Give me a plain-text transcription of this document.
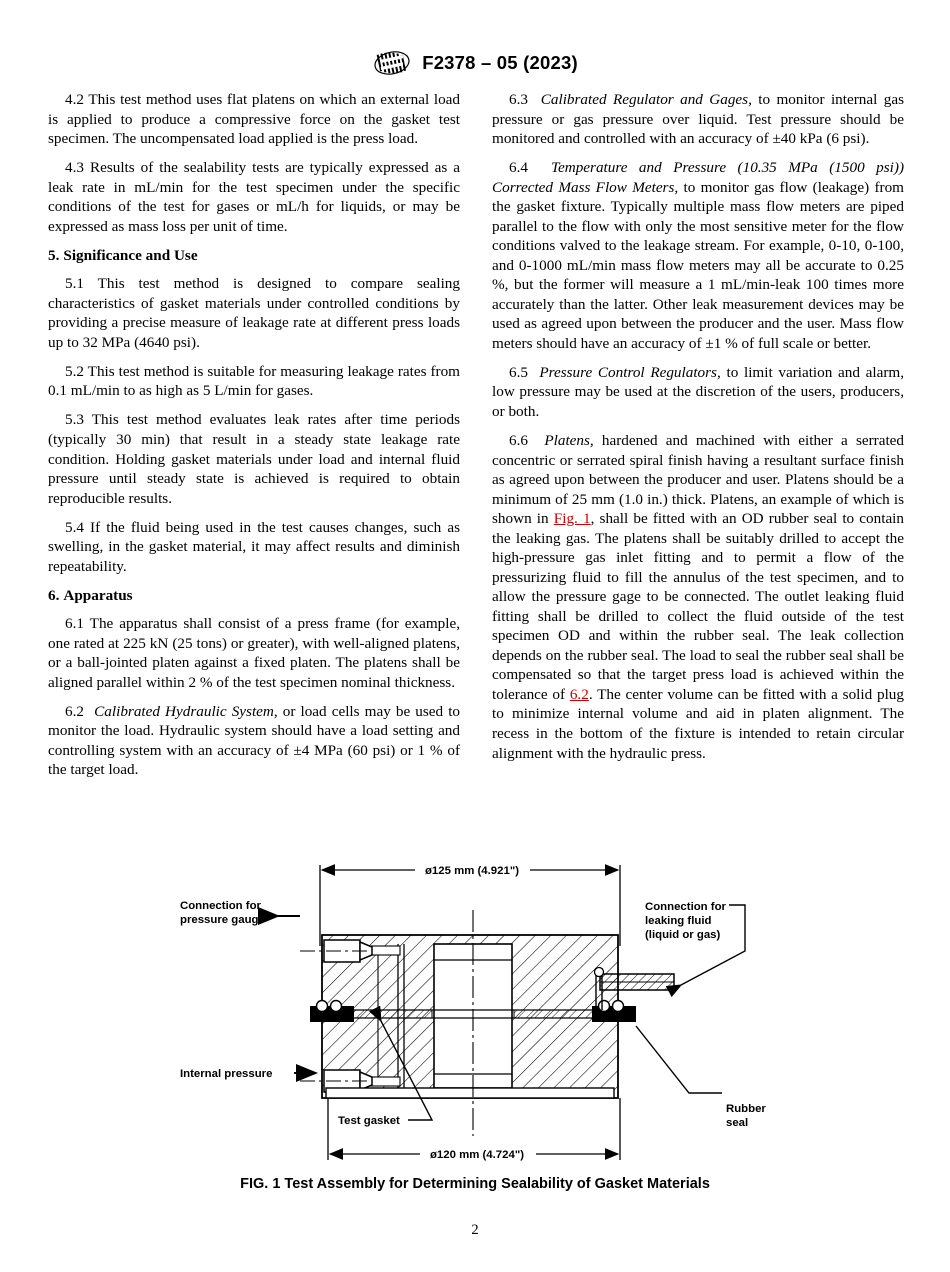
F2378 – 05 (2023)

4.2 This test method uses flat platens on which an external load is applied to produce a compressive force on the gasket test specimen. The uncompensated load applied is the press load.

4.3 Results of the sealability tests are typically expressed as a leak rate in mL/min for the test specimen under the specific conditions of the test for gases or mL/h for liquids, or may be expressed as mass loss per unit of time.

5. Significance and Use

5.1 This test method is designed to compare sealing characteristics of gasket materials under controlled conditions by providing a precise measure of leakage rate at different press loads up to 32 MPa (4640 psi).

5.2 This test method is suitable for measuring leakage rates from 0.1 mL/min to as high as 5 L/min for gases.

5.3 This test method evaluates leak rates after time periods (typically 30 min) that result in a steady state leakage rate condition. Holding gasket materials under load and internal fluid pressure until steady state is achieved is required to obtain reproducible results.

5.4 If the fluid being used in the test causes changes, such as swelling, in the gasket material, it may affect results and diminish repeatability.

6. Apparatus

6.1 The apparatus shall consist of a press frame (for example, one rated at 225 kN (25 tons) or greater), with well-aligned platens, or a ball-jointed platen against a fixed platen. The platens shall be aligned parallel within 2 % of the test specimen nominal thickness.

6.2 Calibrated Hydraulic System, or load cells may be used to monitor the load. Hydraulic system should have a load setting and controlling system with an accuracy of ±4 MPa (60 psi) or 1 % of the target load.

6.3 Calibrated Regulator and Gages, to monitor internal gas pressure or gas pressure over liquid. Test pressure should be monitored and controlled with an accuracy of ±40 kPa (6 psi).

6.4 Temperature and Pressure (10.35 MPa (1500 psi)) Corrected Mass Flow Meters, to monitor gas flow (leakage) from the gasket fixture. Typically multiple mass flow meters are piped parallel to the flow with only the most sensitive meter for the flow conditions valved to the leakage stream. For example, 0-10, 0-100, and 0-1000 mL/min mass flow meters may all be accurate to 0.25 %, but the former will measure a 1 mL/min-leak 100 times more accurately than the latter. Other leak measurement devices may be used as agreed upon between the producer and the user. Mass flow meters should have an accuracy of ±1 % of full scale or better.

6.5 Pressure Control Regulators, to limit variation and alarm, low pressure may be used at the discretion of the users, producers, or both.

6.6 Platens, hardened and machined with either a serrated concentric or serrated spiral finish having a resultant surface finish as agreed upon between the producer and user. Platens should be a minimum of 25 mm (1.0 in.) thick. Platens, an example of which is shown in Fig. 1, shall be fitted with an OD rubber seal to contain the leaking gas. The platens shall be suitably drilled to accept the high-pressure gas inlet fitting and to permit a flow of the pressurizing fluid to fill the annulus of the test specimen, and to allow the pressure gage to be connected. The outlet leaking fluid fitting shall be drilled to collect the fluid outside of the test specimen OD and within the rubber seal. The leak collection depends on the rubber seal. The load to seal the rubber seal shall be compensated so that the target press load is achieved within the tolerance of 6.2. The center volume can be fitted with a solid plug to minimize internal volume and aid in platen alignment. The recess in the bottom of the fixture is intended to retain circular alignment with the hydraulic press.

ø125 mm (4.921")
Connection for
pressure gauge
Internal pressure
Connection for
leaking fluid
(liquid or gas)
Rubber
seal
Test gasket
ø120 mm (4.724")
FIG. 1 Test Assembly for Determining Sealability of Gasket Materials
2
